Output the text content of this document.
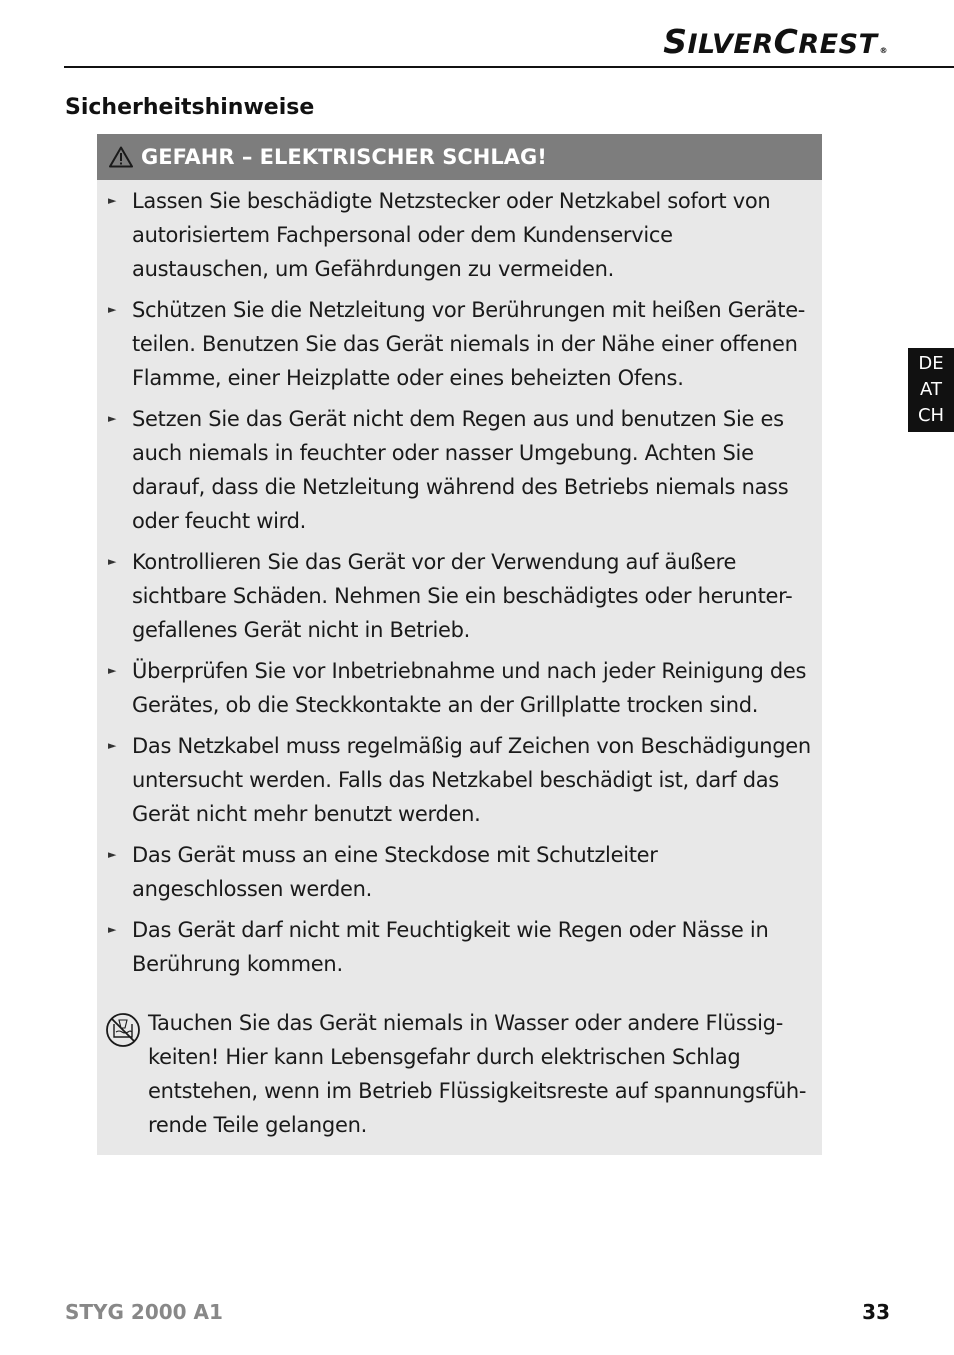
S ILVER C REST ®
Sicherheitshinweise
DE
AT
CH
GEFAHR – ELEKTRISCHER SCHLAG!
► Lassen Sie beschädigte Netzstecker oder Netzkabel sofort von autorisiertem Fachpersonal oder dem Kundenservice austauschen, um Gefährdungen zu vermeiden.
► Schützen Sie die Netzleitung vor Berührungen mit heißen Geräte-teilen. Benutzen Sie das Gerät niemals in der Nähe einer offenen Flamme, einer Heizplatte oder eines beheizten Ofens.
► Setzen Sie das Gerät nicht dem Regen aus und benutzen Sie es auch niemals in feuchter oder nasser Umgebung. Achten Sie darauf, dass die Netzleitung während des Betriebs niemals nass oder feucht wird.
► Kontrollieren Sie das Gerät vor der Verwendung auf äußere sichtbare Schäden. Nehmen Sie ein beschädigtes oder herunter-gefallenes Gerät nicht in Betrieb.
► Überprüfen Sie vor Inbetriebnahme und nach jeder Reinigung des Gerätes, ob die Steckkontakte an der Grillplatte trocken sind.
► Das Netzkabel muss regelmäßig auf Zeichen von Beschädigungen untersucht werden. Falls das Netzkabel beschädigt ist, darf das Gerät nicht mehr benutzt werden.
► Das Gerät muss an eine Steckdose mit Schutzleiter angeschlossen werden.
► Das Gerät darf nicht mit Feuchtigkeit wie Regen oder Nässe in Berührung kommen.
Tauchen Sie das Gerät niemals in Wasser oder andere Flüssig-keiten! Hier kann Lebensgefahr durch elektrischen Schlag entstehen, wenn im Betrieb Flüssigkeitsreste auf spannungsfüh-rende Teile gelangen.
STYG 2000 A1	33
